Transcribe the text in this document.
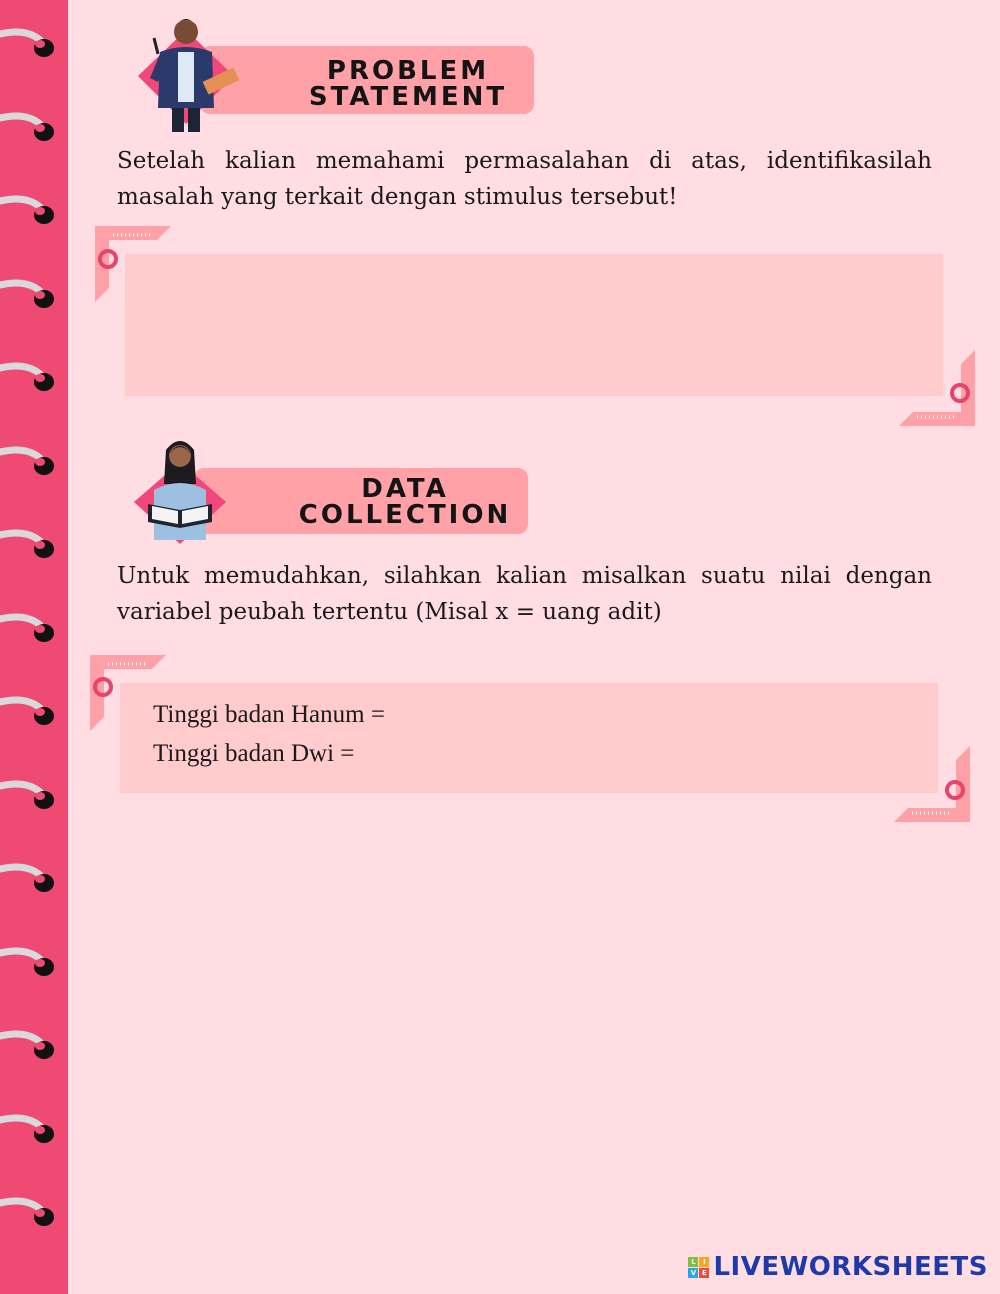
PROBLEM
STATEMENT
Setelah kalian memahami permasalahan di atas, identifikasilah masalah yang terkait dengan stimulus tersebut!
DATA
COLLECTION
Untuk memudahkan, silahkan kalian misalkan suatu nilai dengan variabel peubah tertentu (Misal x = uang adit)
Tinggi badan Hanum =
Tinggi badan Dwi =
L	I
V E LIVEWORKSHEETS
